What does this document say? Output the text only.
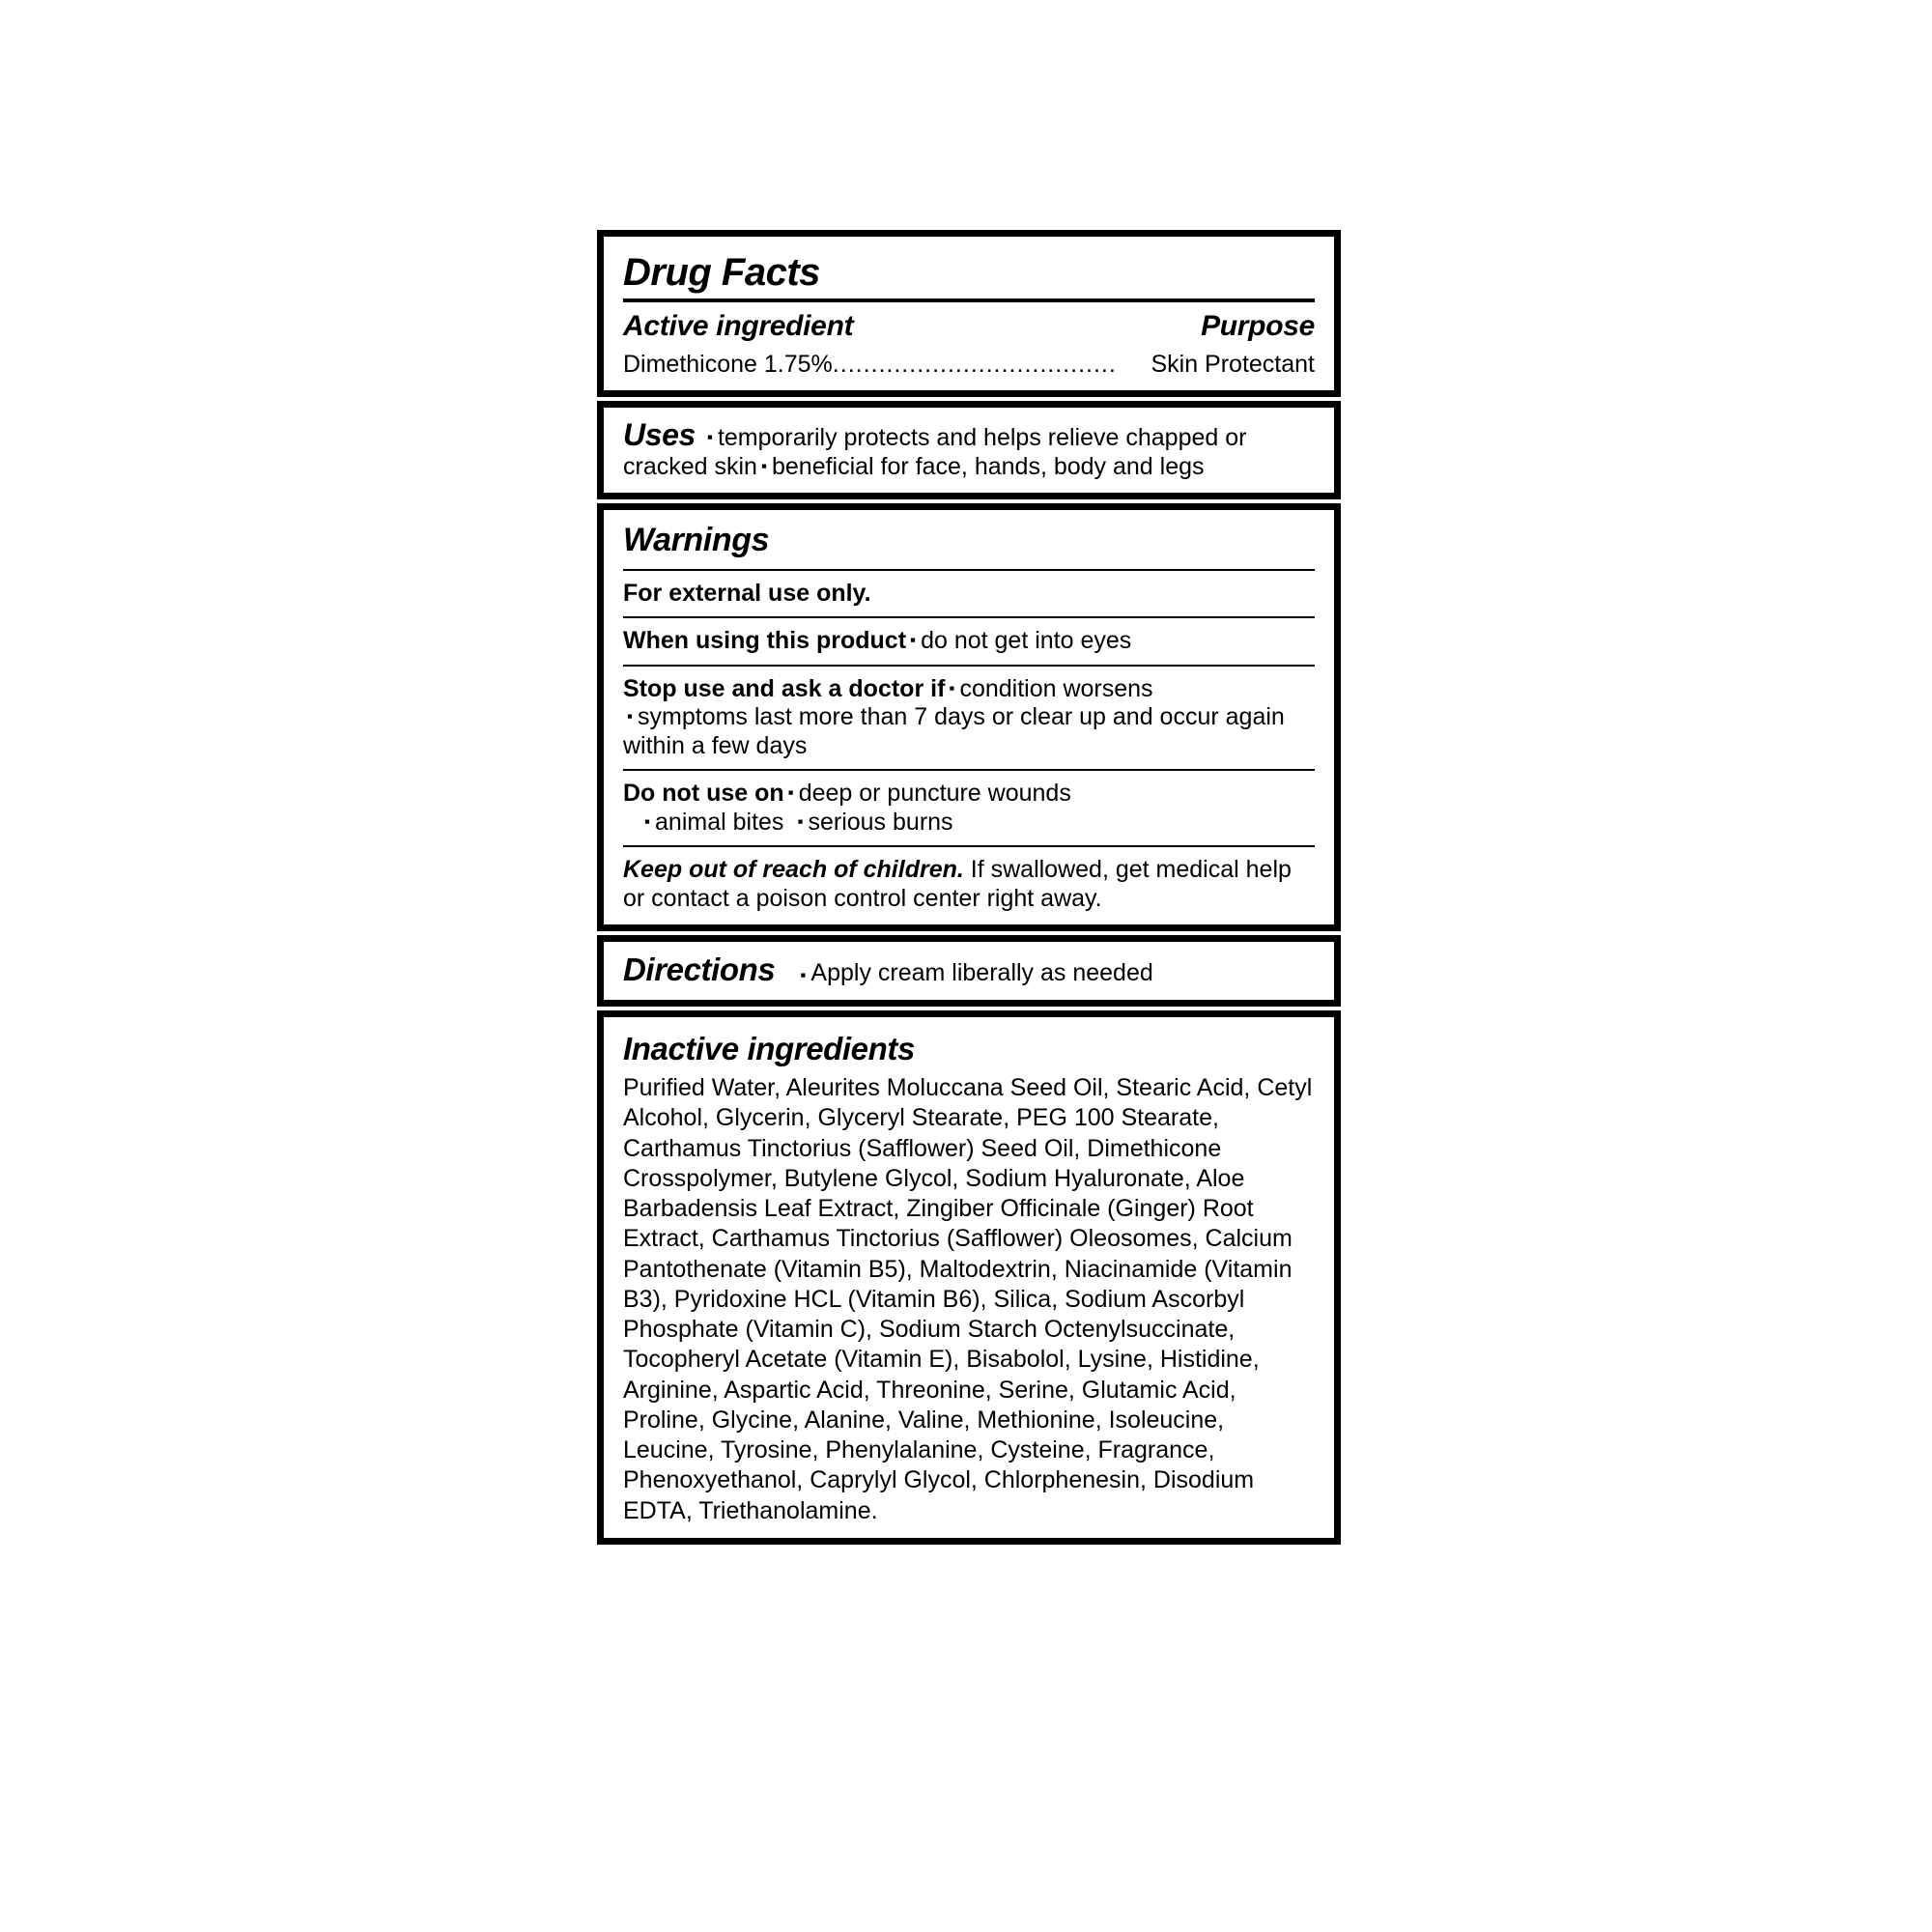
Drug Facts
Active ingredient	Purpose
Dimethicone 1.75% .....................................	Skin Protectant
Uses ▪ temporarily protects and helps relieve chapped or cracked skin ▪ beneficial for face, hands, body and legs
Warnings
For external use only.
When using this product ▪ do not get into eyes
Stop use and ask a doctor if ▪ condition worsens
▪ symptoms last more than 7 days or clear up and occur again within a few days
Do not use on ▪ deep or puncture wounds
▪ animal bites ▪ serious burns
Keep out of reach of children. If swallowed, get medical help or contact a poison control center right away.
Directions ▪ Apply cream liberally as needed
Inactive ingredients
Purified Water, Aleurites Moluccana Seed Oil, Stearic Acid, Cetyl Alcohol, Glycerin, Glyceryl Stearate, PEG 100 Stearate, Carthamus Tinctorius (Safflower) Seed Oil, Dimethicone Crosspolymer, Butylene Glycol, Sodium Hyaluronate, Aloe Barbadensis Leaf Extract, Zingiber Officinale (Ginger) Root Extract, Carthamus Tinctorius (Safflower) Oleosomes, Calcium Pantothenate (Vitamin B5), Maltodextrin, Niacinamide (Vitamin B3), Pyridoxine HCL (Vitamin B6), Silica, Sodium Ascorbyl Phosphate (Vitamin C), Sodium Starch Octenylsuccinate, Tocopheryl Acetate (Vitamin E), Bisabolol, Lysine, Histidine, Arginine, Aspartic Acid, Threonine, Serine, Glutamic Acid, Proline, Glycine, Alanine, Valine, Methionine, Isoleucine, Leucine, Tyrosine, Phenylalanine, Cysteine, Fragrance, Phenoxyethanol, Caprylyl Glycol, Chlorphenesin, Disodium EDTA, Triethanolamine.
